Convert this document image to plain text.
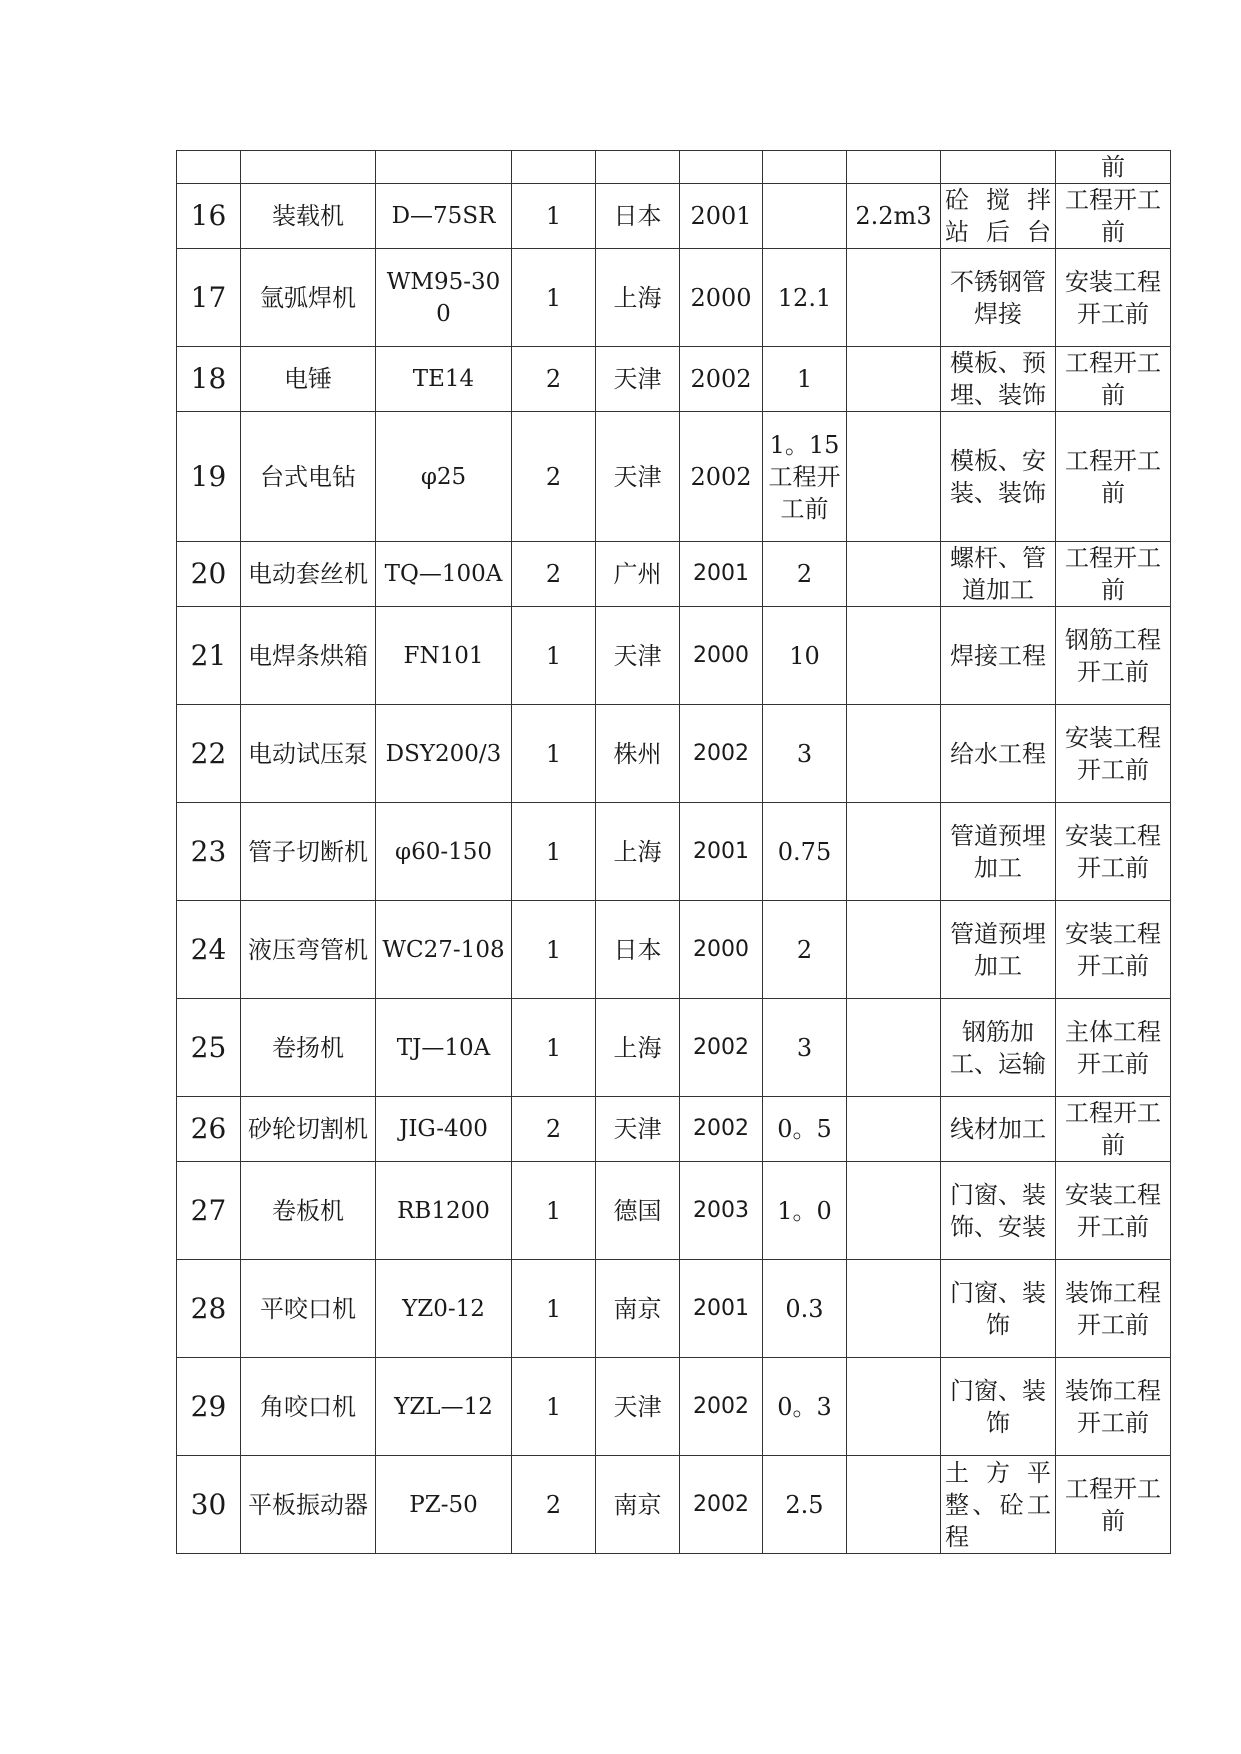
									前
16	装载机	D—75SR	1	日本	2001		2.2m3	砼 搅 拌站后台	工程开工前
17	氩弧焊机	WM95-300	1	上海	2000	12.1		不锈钢管焊接	安装工程开工前
18	电锤	TE14	2	天津	2002	1		模板、预埋、装饰	工程开工前
19	台式电钻	φ25	2	天津	2002	1。15工程开工前		模板、安装、装饰	工程开工前
20	电动套丝机	TQ—100A	2	广州	2001	2		螺杆、管道加工	工程开工前
21	电焊条烘箱	FN101	1	天津	2000	10		焊接工程	钢筋工程开工前
22	电动试压泵	DSY200/3	1	株州	2002	3		给水工程	安装工程开工前
23	管子切断机	φ60-150	1	上海	2001	0.75		管道预埋加工	安装工程开工前
24	液压弯管机	WC27-108	1	日本	2000	2		管道预埋加工	安装工程开工前
25	卷扬机	TJ—10A	1	上海	2002	3		钢筋加工、运输	主体工程开工前
26	砂轮切割机	JIG-400	2	天津	2002	0。5		线材加工	工程开工前
27	卷板机	RB1200	1	德国	2003	1。0		门窗、装饰、安装	安装工程开工前
28	平咬口机	YZ0-12	1	南京	2001	0.3		门窗、装饰	装饰工程开工前
29	角咬口机	YZL—12	1	天津	2002	0。3		门窗、装饰	装饰工程开工前
30	平板振动器	PZ-50	2	南京	2002	2.5		土 方 平整、砼工程	工程开工前
